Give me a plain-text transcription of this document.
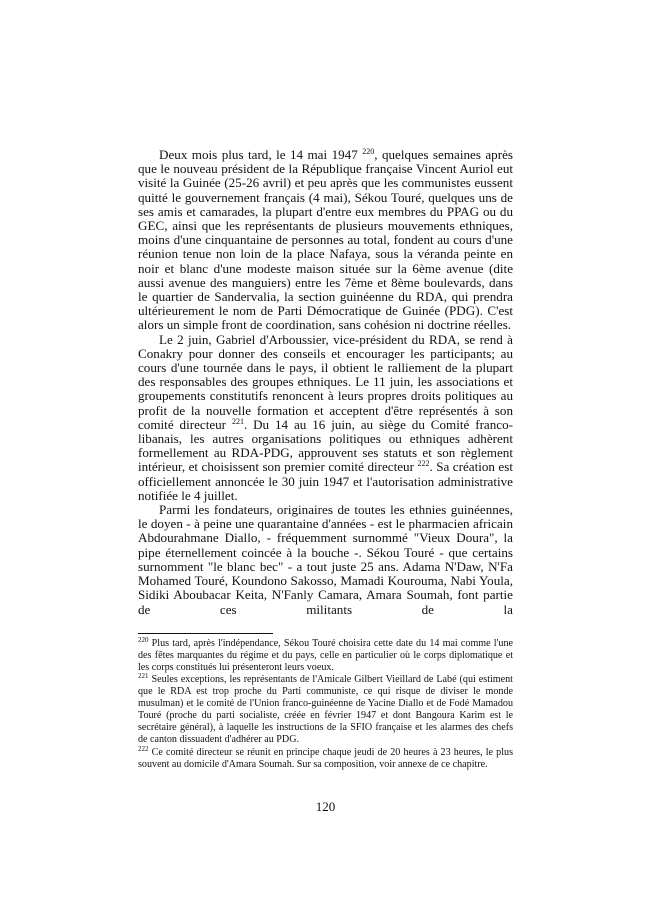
Deux mois plus tard, le 14 mai 1947 $^{220}$, quelques semaines après que le nouveau président de la République française Vincent Auriol eut visité la Guinée (25-26 avril) et peu après que les communistes eussent quitté le gouvernement français (4 mai), Sékou Touré, quelques uns de ses amis et camarades, la plupart d'entre eux membres du PPAG ou du GEC, ainsi que les représentants de plusieurs mouvements ethniques, moins d'une cinquantaine de personnes au total, fondent au cours d'une réunion tenue non loin de la place Nafaya, sous la véranda peinte en noir et blanc d'une modeste maison située sur la 6ème avenue (dite aussi avenue des manguiers) entre les 7ème et 8ème boulevards, dans le quartier de Sandervalia, la section guinéenne du RDA, qui prendra ultérieurement le nom de Parti Démocratique de Guinée (PDG). C'est alors un simple front de coordination, sans cohésion ni doctrine réelles.

Le 2 juin, Gabriel d'Arboussier, vice-président du RDA, se rend à Conakry pour donner des conseils et encourager les participants; au cours d'une tournée dans le pays, il obtient le ralliement de la plupart des responsables des groupes ethniques. Le 11 juin, les associations et groupements constitutifs renoncent à leurs propres droits politiques au profit de la nouvelle formation et acceptent d'être représentés à son comité directeur $^{221}$. Du 14 au 16 juin, au siège du Comité franco-libanais, les autres organisations politiques ou ethniques adhèrent formellement au RDA-PDG, approuvent ses statuts et son règlement intérieur, et choisissent son premier comité directeur $^{222}$. Sa création est officiellement annoncée le 30 juin 1947 et l'autorisation administrative notifiée le 4 juillet.

Parmi les fondateurs, originaires de toutes les ethnies guinéennes, le doyen - à peine une quarantaine d'années - est le pharmacien africain Abdourahmane Diallo, - fréquemment surnommé "Vieux Doura", la pipe éternellement coincée à la bouche -. Sékou Touré - que certains surnomment "le blanc bec" - a tout juste 25 ans. Adama N'Daw, N'Fa Mohamed Touré, Koundono Sakosso, Mamadi Kourouma, Nabi Youla, Sidiki Aboubacar Keita, N'Fanly Camara, Amara Soumah, font partie de ces militants de la

$^{220}$ Plus tard, après l'indépendance, Sékou Touré choisira cette date du 14 mai comme l'une des fêtes marquantes du régime et du pays, celle en particulier où le corps diplomatique et les corps constitués lui présenteront leurs voeux.

$^{221}$ Seules exceptions, les représentants de l'Amicale Gilbert Vieillard de Labé (qui estiment que le RDA est trop proche du Parti communiste, ce qui risque de diviser le monde musulman) et le comité de l'Union franco-guinéenne de Yacine Diallo et de Fodé Mamadou Touré (proche du parti socialiste, créée en février 1947 et dont Bangoura Karim est le secrétaire général), à laquelle les instructions de la SFIO française et les alarmes des chefs de canton dissuadent d'adhérer au PDG.

$^{222}$ Ce comité directeur se réunit en principe chaque jeudi de 20 heures à 23 heures, le plus souvent au domicile d'Amara Soumah. Sur sa composition, voir annexe de ce chapitre.

120
